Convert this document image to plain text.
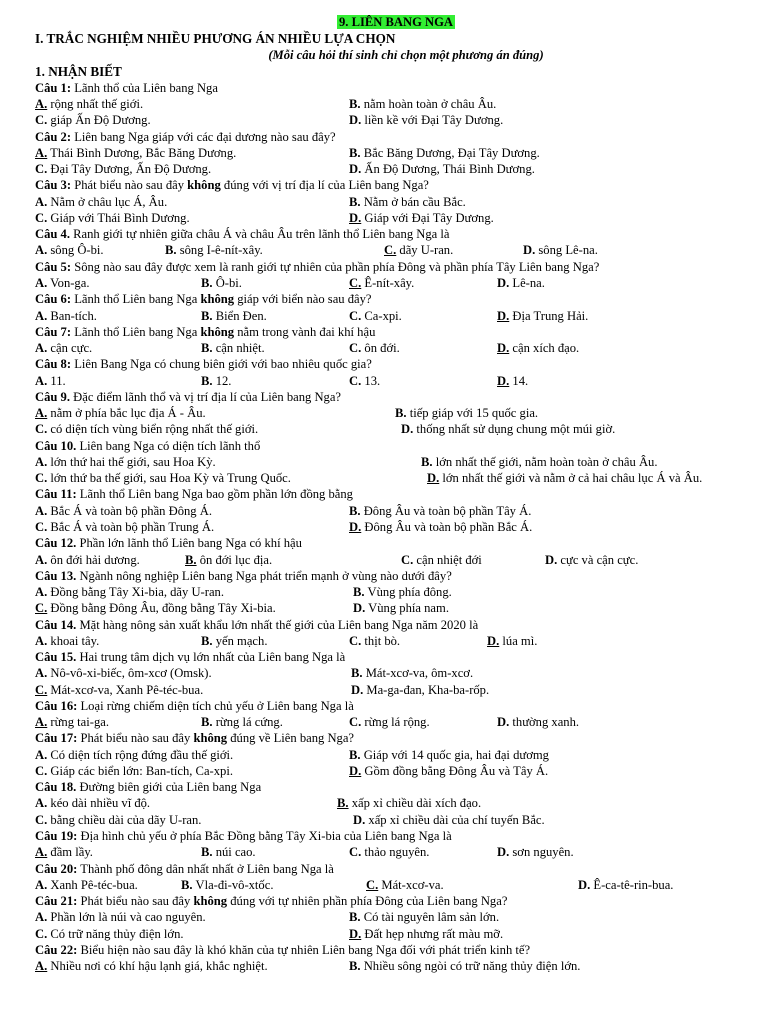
9. LIÊN BANG NGA
I. TRẮC NGHIỆM NHIỀU PHƯƠNG ÁN NHIỀU LỰA CHỌN
(Mỗi câu hỏi thí sinh chỉ chọn một phương án đúng)
1. NHẬN BIẾT
Câu 1: Lãnh thổ của Liên bang Nga
A. rộng nhất thế giới.	B. nằm hoàn toàn ở châu Âu.
C. giáp Ấn Độ Dương.	D. liền kề với Đại Tây Dương.
Câu 2: Liên bang Nga giáp với các đại dương nào sau đây?
A. Thái Bình Dương, Bắc Băng Dương.	B. Bắc Băng Dương, Đại Tây Dương.
C. Đại Tây Dương, Ấn Độ Dương.	D. Ấn Độ Dương, Thái Bình Dương.
Câu 3: Phát biểu nào sau đây không đúng với vị trí địa lí của Liên bang Nga?
A. Nằm ở châu lục Á, Âu.	B. Nằm ở bán cầu Bắc.
C. Giáp với Thái Bình Dương.	D. Giáp với Đại Tây Dương.
Câu 4. Ranh giới tự nhiên giữa châu Á và châu Âu trên lãnh thổ Liên bang Nga là
A. sông Ô-bi.	B. sông I-ê-nít-xây.	C. dãy U-ran.	D. sông Lê-na.
Câu 5: Sông nào sau đây được xem là ranh giới tự nhiên của phần phía Đông và phần phía Tây Liên bang Nga?
A. Von-ga.	B. Ô-bi.	C. Ê-nít-xây.	D. Lê-na.
Câu 6: Lãnh thổ Liên bang Nga không giáp với biển nào sau đây?
A. Ban-tích.	B. Biển Đen.	C. Ca-xpi.	D. Địa Trung Hải.
Câu 7: Lãnh thổ Liên bang Nga không nằm trong vành đai khí hậu
A. cận cực.	B. cận nhiệt.	C. ôn đới.	D. cận xích đạo.
Câu 8: Liên Bang Nga có chung biên giới với bao nhiêu quốc gia?
A. 11.	B. 12.	C. 13.	D. 14.
Câu 9. Đặc điểm lãnh thổ và vị trí địa lí của Liên bang Nga?
A. nằm ở phía bắc lục địa Á - Âu.	B. tiếp giáp với 15 quốc gia.
C. có diện tích vùng biển rộng nhất thế giới.	D. thống nhất sử dụng chung một múi giờ.
Câu 10. Liên bang Nga có diện tích lãnh thổ
A. lớn thứ hai thế giới, sau Hoa Kỳ.	B. lớn nhất thế giới, nằm hoàn toàn ở châu Âu.
C. lớn thứ ba thế giới, sau Hoa Kỳ và Trung Quốc.	D. lớn nhất thế giới và nằm ở cả hai châu lục Á và Âu.
Câu 11: Lãnh thổ Liên bang Nga bao gồm phần lớn đồng bằng
A. Bắc Á và toàn bộ phần Đông Á.	B. Đông Âu và toàn bộ phần Tây Á.
C. Bắc Á và toàn bộ phần Trung Á.	D. Đông Âu và toàn bộ phần Bắc Á.
Câu 12. Phần lớn lãnh thổ Liên bang Nga có khí hậu
A. ôn đới hải dương.	B. ôn đới lục địa.	C. cận nhiệt đới	D. cực và cận cực.
Câu 13. Ngành nông nghiệp Liên bang Nga phát triển mạnh ở vùng nào dưới đây?
A. Đồng bằng Tây Xi-bia, dãy U-ran.	B. Vùng phía đông.
C. Đồng bằng Đông Âu, đồng bằng Tây Xi-bia.	D. Vùng phía nam.
Câu 14. Mặt hàng nông sản xuất khẩu lớn nhất thế giới của Liên bang Nga năm 2020 là
A. khoai tây.	B. yến mạch.	C. thịt bò.	D. lúa mì.
Câu 15. Hai trung tâm dịch vụ lớn nhất của Liên bang Nga là
A. Nô-vô-xi-biếc, ôm-xcơ (Omsk).	B. Mát-xcơ-va, ôm-xcơ.
C. Mát-xcơ-va, Xanh Pê-téc-bua.	D. Ma-ga-đan, Kha-ba-rốp.
Câu 16: Loại rừng chiếm diện tích chủ yếu ở Liên bang Nga là
A. rừng tai-ga.	B. rừng lá cứng.	C. rừng lá rộng.	D. thường xanh.
Câu 17: Phát biểu nào sau đây không đúng về Liên bang Nga?
A. Có diện tích rộng đứng đầu thế giới.	B. Giáp với 14 quốc gia, hai đại dươmg
C. Giáp các biển lớn: Ban-tích, Ca-xpi.	D. Gồm đồng bằng Đông Âu và Tây Á.
Câu 18. Đường biên giới của Liên bang Nga
A. kéo dài nhiều vĩ độ.	B. xấp xỉ chiều dài xích đạo.
C. bằng chiều dài của dãy U-ran.	D. xấp xỉ chiều dài của chí tuyến Bắc.
Câu 19: Địa hình chủ yếu ở phía Bắc Đồng bằng Tây Xi-bia của Liên bang Nga là
A. đầm lầy.	B. núi cao.	C. thảo nguyên.	D. sơn nguyên.
Câu 20: Thành phố đông dân nhất nhất ở Liên bang Nga là
A. Xanh Pê-téc-bua.	B. Vla-đi-vô-xtốc.	C. Mát-xcơ-va.	D. Ê-ca-tê-rin-bua.
Câu 21: Phát biểu nào sau đây không đúng với tự nhiên phần phía Đông của Liên bang Nga?
A. Phần lớn là núi và cao nguyên.	B. Có tài nguyên lâm sản lớn.
C. Có trữ năng thủy điện lớn.	D. Đất hẹp nhưng rất màu mỡ.
Câu 22: Biểu hiện nào sau đây là khó khăn của tự nhiên Liên bang Nga đối với phát triển kinh tế?
A. Nhiều nơi có khí hậu lạnh giá, khắc nghiệt.	B. Nhiều sông ngòi có trữ năng thủy điện lớn.
